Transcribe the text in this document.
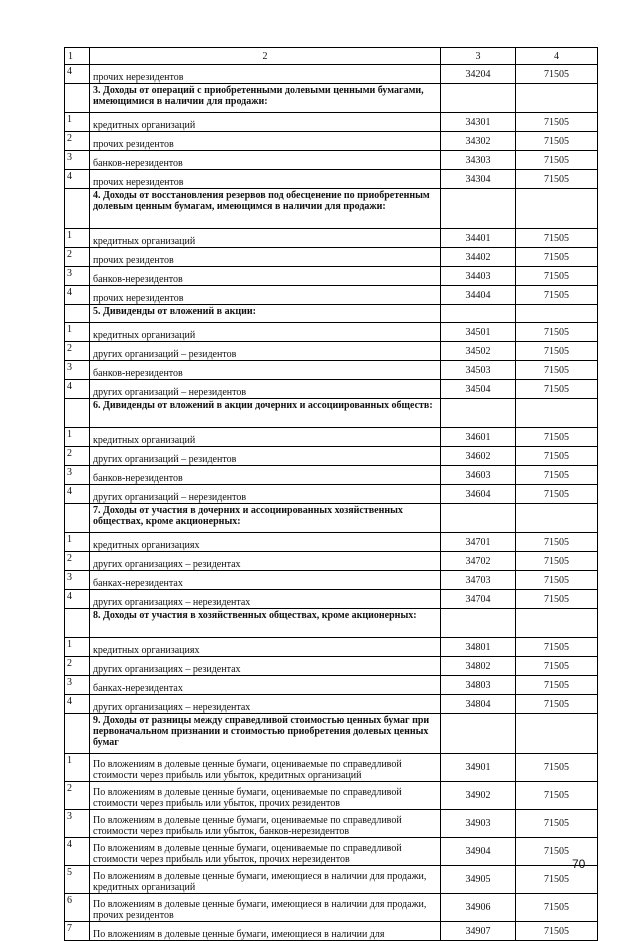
1	2	3	4
4	прочих нерезидентов	34204	71505
	3. Доходы от операций с приобретенными долевыми ценными бумагами, имеющимися в наличии для продажи:		
1	кредитных организаций	34301	71505
2	прочих резидентов	34302	71505
3	банков-нерезидентов	34303	71505
4	прочих нерезидентов	34304	71505
	4. Доходы от восстановления резервов под обесценение по приобретенным долевым ценным бумагам, имеющимся в наличии для продажи:		
1	кредитных организаций	34401	71505
2	прочих резидентов	34402	71505
3	банков-нерезидентов	34403	71505
4	прочих нерезидентов	34404	71505
	5. Дивиденды от вложений в акции:		
1	кредитных организаций	34501	71505
2	других организаций – резидентов	34502	71505
3	банков-нерезидентов	34503	71505
4	других организаций – нерезидентов	34504	71505
	6. Дивиденды от вложений в акции дочерних и ассоциированных обществ:		
1	кредитных организаций	34601	71505
2	других организаций – резидентов	34602	71505
3	банков-нерезидентов	34603	71505
4	других организаций – нерезидентов	34604	71505
	7. Доходы от участия в дочерних и ассоциированных хозяйственных обществах, кроме акционерных:		
1	кредитных организациях	34701	71505
2	других организациях – резидентах	34702	71505
3	банках-нерезидентах	34703	71505
4	других организациях – нерезидентах	34704	71505
	8. Доходы от участия в хозяйственных обществах, кроме акционерных:		
1	кредитных организациях	34801	71505
2	других организациях – резидентах	34802	71505
3	банках-нерезидентах	34803	71505
4	других организациях – нерезидентах	34804	71505
	9. Доходы от разницы между справедливой стоимостью ценных бумаг при первоначальном признании и стоимостью приобретения долевых ценных бумаг		
1	По вложениям в долевые ценные бумаги, оцениваемые по справедливой стоимости через прибыль или убыток, кредитных организаций	34901	71505
2	По вложениям в долевые ценные бумаги, оцениваемые по справедливой стоимости через прибыль или убыток, прочих резидентов	34902	71505
3	По вложениям в долевые ценные бумаги, оцениваемые по справедливой стоимости через прибыль или убыток, банков-нерезидентов	34903	71505
4	По вложениям в долевые ценные бумаги, оцениваемые по справедливой стоимости через прибыль или убыток, прочих нерезидентов	34904	71505
5	По вложениям в долевые ценные бумаги, имеющиеся в наличии для продажи, кредитных организаций	34905	71505
6	По вложениям в долевые ценные бумаги, имеющиеся в наличии для продажи, прочих резидентов	34906	71505
7	По вложениям в долевые ценные бумаги, имеющиеся в наличии для	34907	71505
70
